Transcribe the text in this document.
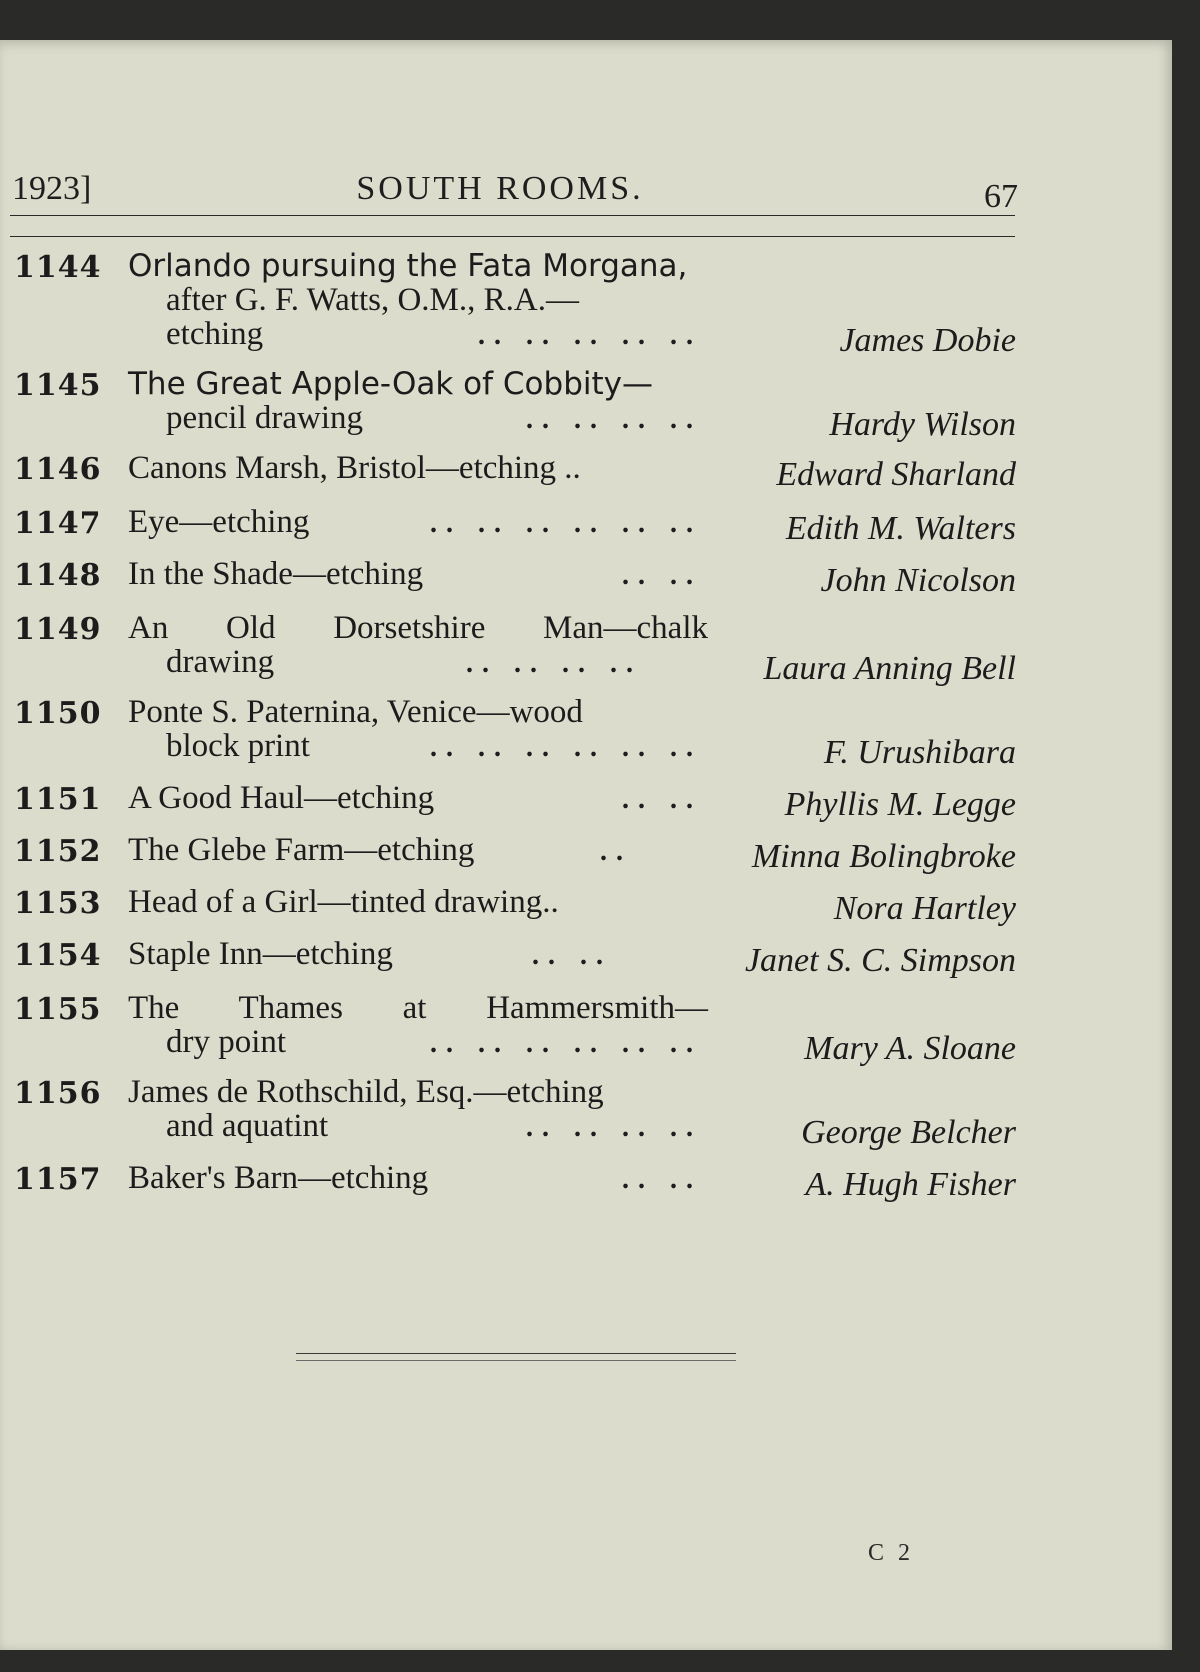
1923]	SOUTH ROOMS.	67
1144 Orlando pursuing the Fata Morgana,
after G. F. Watts, O.M., R.A.—
etching	.. .. .. .. ..	James Dobie
1145 The Great Apple-Oak of Cobbity—
pencil drawing	.. .. .. ..	Hardy Wilson
1146 Canons Marsh, Bristol—etching ..	Edward Sharland
1147 Eye—etching	.. .. .. .. .. .. Edith M. Walters
1148 In the Shade—etching	.. ..	John Nicolson
1149 An Old Dorsetshire Man—chalk
drawing	.. .. .. ..	Laura Anning Bell
1150 Ponte S. Paternina, Venice—wood
block print	.. .. .. .. .. ..	F. Urushibara
1151 A Good Haul—etching	.. .. Phyllis M. Legge
1152 The Glebe Farm—etching	..	Minna Bolingbroke
1153 Head of a Girl—tinted drawing..	Nora Hartley
1154 Staple Inn—etching	.. ..	Janet S. C. Simpson
1155 The Thames at Hammersmith—
dry point	.. .. .. .. .. ..	Mary A. Sloane
1156 James de Rothschild, Esq.—etching
and aquatint	.. .. .. ..	George Belcher
1157 Baker's Barn—etching	.. ..	A. Hugh Fisher
C 2
